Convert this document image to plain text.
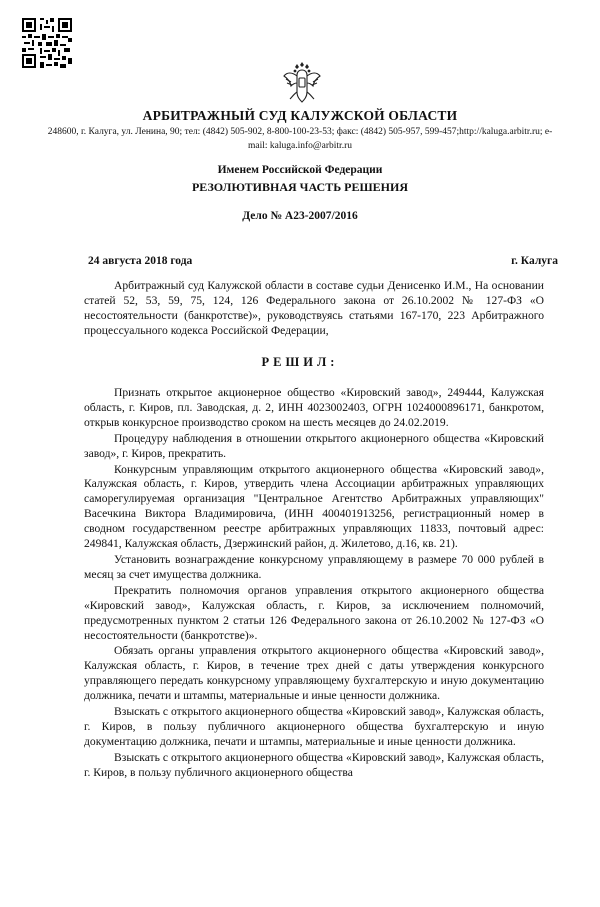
АРБИТРАЖНЫЙ СУД КАЛУЖСКОЙ ОБЛАСТИ
248600, г. Калуга, ул. Ленина, 90; тел: (4842) 505-902, 8-800-100-23-53; факс: (4842) 505-957, 599-457;http://kaluga.arbitr.ru; e-mail: kaluga.info@arbitr.ru
Именем Российской Федерации
РЕЗОЛЮТИВНАЯ ЧАСТЬ РЕШЕНИЯ
Дело № А23-2007/2016
24 августа 2018 года	г. Калуга

Арбитражный суд Калужской области в составе судьи Денисенко И.М., На основании статей 52, 53, 59, 75, 124, 126 Федерального закона от 26.10.2002 № 127-ФЗ «О несостоятельности (банкротстве)», руководствуясь статьями 167-170, 223 Арбитражного процессуального кодекса Российской Федерации,

РЕШИЛ:

Признать открытое акционерное общество «Кировский завод», 249444, Калужская область, г. Киров, пл. Заводская, д. 2, ИНН 4023002403, ОГРН 1024000896171, банкротом, открыв конкурсное производство сроком на шесть месяцев до 24.02.2019.

Процедуру наблюдения в отношении открытого акционерного общества «Кировский завод», г. Киров, прекратить.

Конкурсным управляющим открытого акционерного общества «Кировский завод», Калужская область, г. Киров, утвердить члена Ассоциации арбитражных управляющих саморегулируемая организация "Центральное Агентство Арбитражных управляющих" Васечкина Виктора Владимировича, (ИНН 400401913256, регистрационный номер в сводном государственном реестре арбитражных управляющих 11833, почтовый адрес: 249841, Калужская область, Дзержинский район, д. Жилетово, д.16, кв. 21).

Установить вознаграждение конкурсному управляющему в размере 70 000 рублей в месяц за счет имущества должника.

Прекратить полномочия органов управления открытого акционерного общества «Кировский завод», Калужская область, г. Киров, за исключением полномочий, предусмотренных пунктом 2 статьи 126 Федерального закона от 26.10.2002 № 127-ФЗ «О несостоятельности (банкротстве)».

Обязать органы управления открытого акционерного общества «Кировский завод», Калужская область, г. Киров, в течение трех дней с даты утверждения конкурсного управляющего передать конкурсному управляющему бухгалтерскую и иную документацию должника, печати и штампы, материальные и иные ценности должника.

Взыскать с открытого акционерного общества «Кировский завод», Калужская область, г. Киров, в пользу публичного акционерного общества бухгалтерскую и иную документацию должника, печати и штампы, материальные и иные ценности должника.

Взыскать с открытого акционерного общества «Кировский завод», Калужская область, г. Киров, в пользу публичного акционерного общества
